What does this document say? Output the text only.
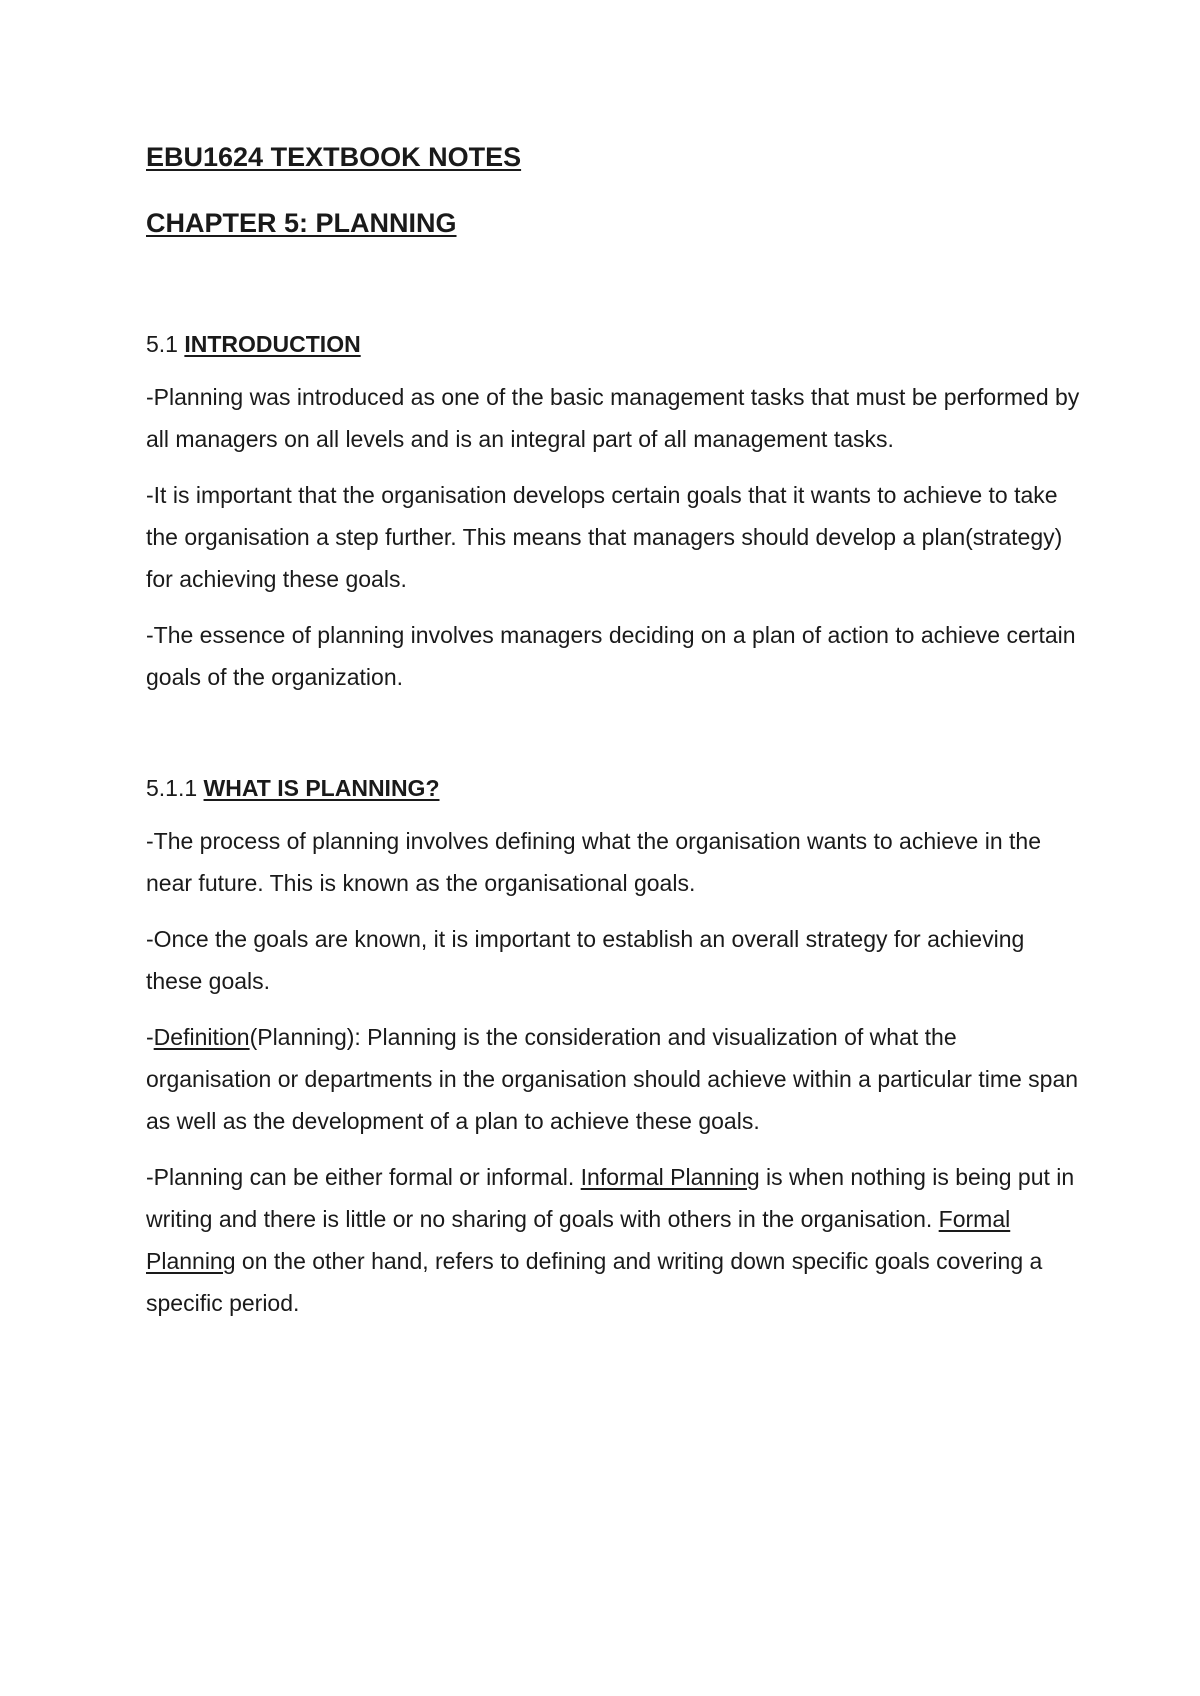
EBU1624 TEXTBOOK NOTES
CHAPTER 5: PLANNING
5.1 INTRODUCTION

-Planning was introduced as one of the basic management tasks that must be performed by all managers on all levels and is an integral part of all management tasks.

-It is important that the organisation develops certain goals that it wants to achieve to take the organisation a step further. This means that managers should develop a plan(strategy) for achieving these goals.

-The essence of planning involves managers deciding on a plan of action to achieve certain goals of the organization.

5.1.1 WHAT IS PLANNING?

-The process of planning involves defining what the organisation wants to achieve in the near future. This is known as the organisational goals.

-Once the goals are known, it is important to establish an overall strategy for achieving these goals.

-Definition(Planning): Planning is the consideration and visualization of what the organisation or departments in the organisation should achieve within a particular time span as well as the development of a plan to achieve these goals.

-Planning can be either formal or informal. Informal Planning is when nothing is being put in writing and there is little or no sharing of goals with others in the organisation. Formal Planning on the other hand, refers to defining and writing down specific goals covering a specific period.
